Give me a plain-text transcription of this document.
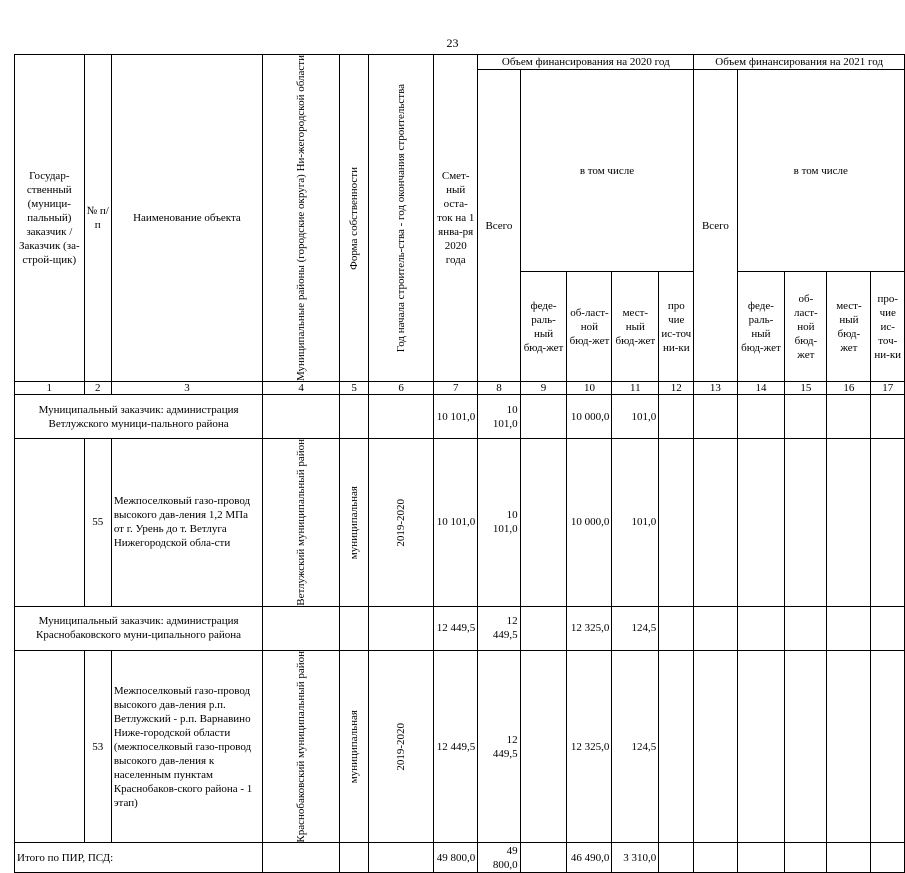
23
Государ-ственный (муници-пальный) заказчик / Заказчик (за-строй-щик)	№ п/п	Наименование объекта	Муниципальные районы (городские округа) Ни-жегородской области	Форма собственности	Год начала строитель-ства - год окончания строительства	Смет-ный оста-ток на 1 янва-ря 2020 года	Объем финансирования на 2020 год					Объем финансирования на 2021 год				
							Всего	в том числе				Всего	в том числе			
								феде-раль-ный бюд-жет	об-ласт-ной бюд-жет	мест-ный бюд-жет	про чие ис-точ ни-ки		феде-раль-ный бюд-жет	об-ласт-ной бюд-жет	мест-ный бюд-жет	про-чие ис-точ-ни-ки
1	2	3	4	5	6	7	8	9	10	11	12	13	14	15	16	17
Муниципальный заказчик: администрация Ветлужского муници-пального района						10 101,0	10 101,0		10 000,0	101,0						
	55	Межпоселковый газо-провод высокого дав-ления 1,2 МПа от г. Урень до т. Ветлуга Нижегородской обла-сти	Ветлужский муниципальный район	муниципальная	2019-2020	10 101,0	10 101,0		10 000,0	101,0						
Муниципальный заказчик: администрация Краснобаковского муни-ципального района						12 449,5	12 449,5		12 325,0	124,5						
	53	Межпоселковый газо-провод высокого дав-ления р.п. Ветлужский - р.п. Варнавино Ниже-городской области (межпоселковый газо-провод высокого дав-ления к населенным пунктам Краснобаков-ского района - 1 этап)	Краснобаковский муниципальный район	муниципальная	2019-2020	12 449,5	12 449,5		12 325,0	124,5						
Итого по ПИР, ПСД:						49 800,0	49 800,0		46 490,0	3 310,0						
